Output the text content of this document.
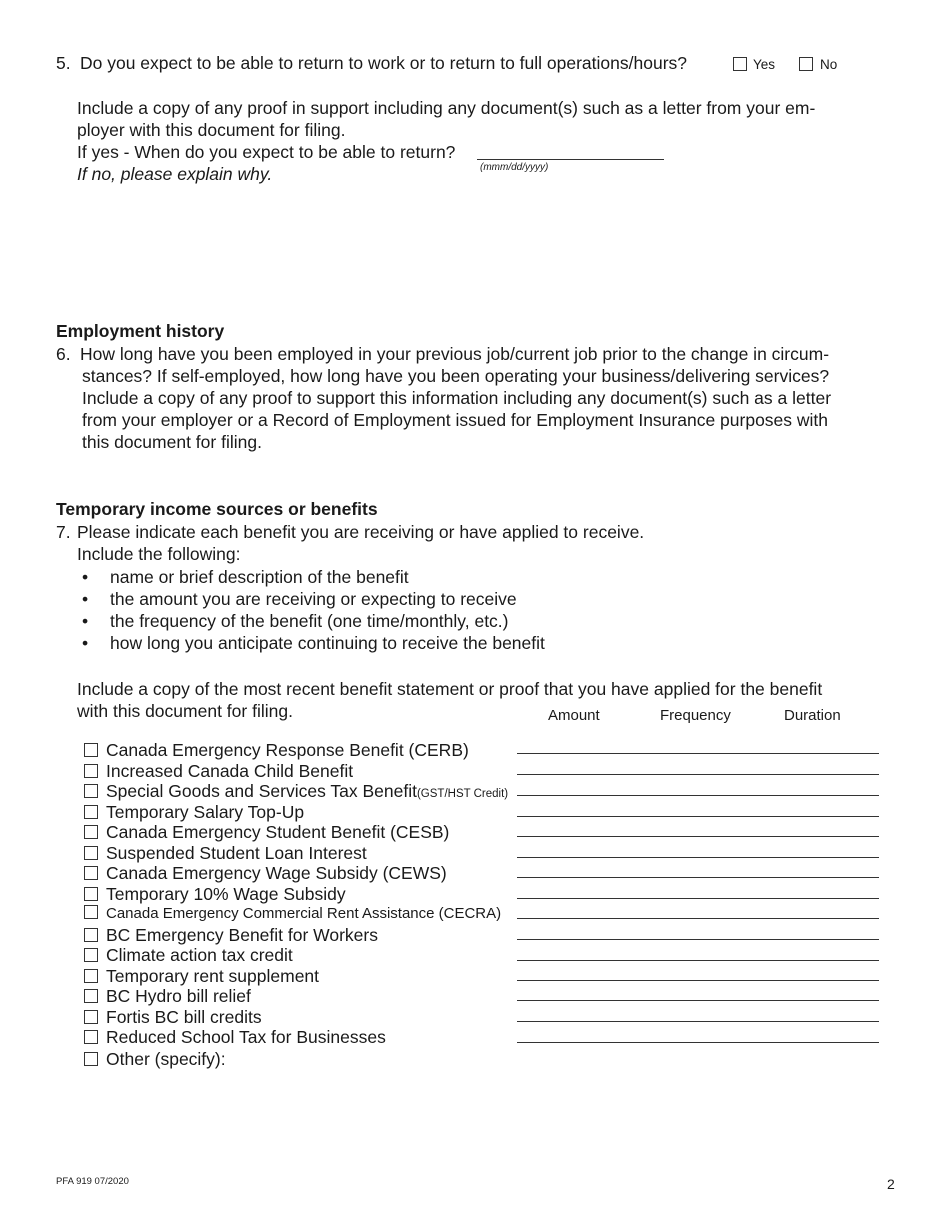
5. Do you expect to be able to return to work or to return to full operations/hours?	Yes	No
Include a copy of any proof in support including any document(s) such as a letter from your em-
ployer with this document for filing.
If yes - When do you expect to be able to return?
(mmm/dd/yyyy)
If no, please explain why.
Employment history
6. How long have you been employed in your previous job/current job prior to the change in circum-
stances? If self-employed, how long have you been operating your business/delivering services?
Include a copy of any proof to support this information including any document(s) such as a letter
from your employer or a Record of Employment issued for Employment Insurance purposes with
this document for filing.
Temporary income sources or benefits
7. Please indicate each benefit you are receiving or have applied to receive.
Include the following:
• name or brief description of the benefit
• the amount you are receiving or expecting to receive
• the frequency of the benefit (one time/monthly, etc.)
• how long you anticipate continuing to receive the benefit
Include a copy of the most recent benefit statement or proof that you have applied for the benefit
with this document for filing.	Amount	Frequency	Duration
Canada Emergency Response Benefit (CERB)
Increased Canada Child Benefit
Special Goods and Services Tax Benefit(GST/HST Credit)
Temporary Salary Top-Up
Canada Emergency Student Benefit (CESB)
Suspended Student Loan Interest
Canada Emergency Wage Subsidy (CEWS)
Temporary 10% Wage Subsidy
Canada Emergency Commercial Rent Assistance (CECRA)
BC Emergency Benefit for Workers
Climate action tax credit
Temporary rent supplement
BC Hydro bill relief
Fortis BC bill credits
Reduced School Tax for Businesses
Other (specify):
PFA 919 07/2020	2
